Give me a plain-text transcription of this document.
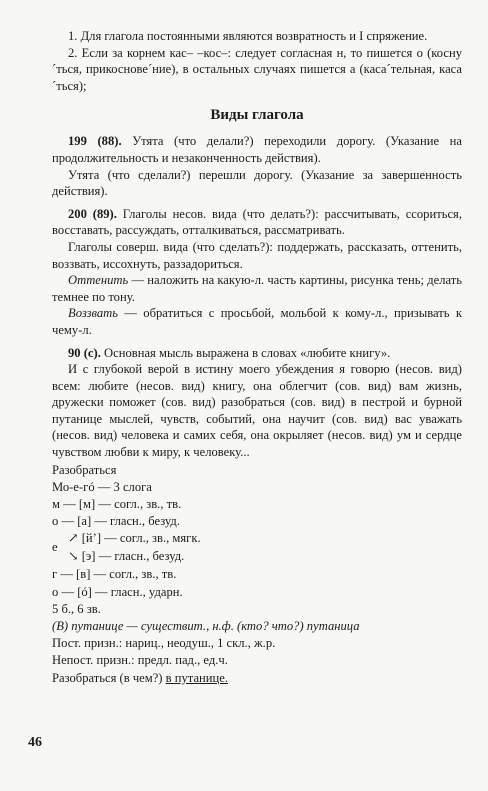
1. Для глагола постоянными являются возвратность и I спряжение.

2. Если за корнем кас– –кос–: следует согласная н, то пишется о (косну´ться, прикоснове´ние), в остальных случаях пишется а (каса´тельная, каса´ться);

Виды глагола

199 (88). Утята (что делали?) переходили дорогу. (Указание на продолжительность и незаконченность действия).

Утята (что сделали?) перешли дорогу. (Указание за завершенность действия).

200 (89). Глаголы несов. вида (что делать?): рассчитывать, ссориться, восставать, рассуждать, отталкиваться, рассматривать.

Глаголы соверш. вида (что сделать?): поддержать, рассказать, оттенить, воззвать, иссохнуть, раззадориться.

Оттенить — наложить на какую-л. часть картины, рисунка тень; делать темнее по тону.

Воззвать — обратиться с просьбой, мольбой к кому-л., призывать к чему-л.

90 (с). Основная мысль выражена в словах «любите книгу».

И с глубокой верой в истину моего убеждения я говорю (несов. вид) всем: любите (несов. вид) книгу, она облегчит (сов. вид) вам жизнь, дружески поможет (сов. вид) разобраться (сов. вид) в пестрой и бурной путанице мыслей, чувств, событий, она научит (сов. вид) вас уважать (несов. вид) человека и самих себя, она окрыляет (несов. вид) ум и сердце чувством любви к миру, к человеку...

Разобраться
Мо-е-гó — 3 слога
м — [м] — согл., зв., тв.
о — [а] — гласн., безуд.
е
↗ [й’] — согл., зв., мягк.
↘ [э] — гласн., безуд.
г — [в] — согл., зв., тв.
о — [ó] — гласн., ударн.
5 б., 6 зв.
(В) путанице — существит., н.ф. (кто? что?) путаница
Пост. призн.: нариц., неодуш., 1 скл., ж.р.
Непост. призн.: предл. пад., ед.ч.
Разобраться (в чем?) в путанице.
46
